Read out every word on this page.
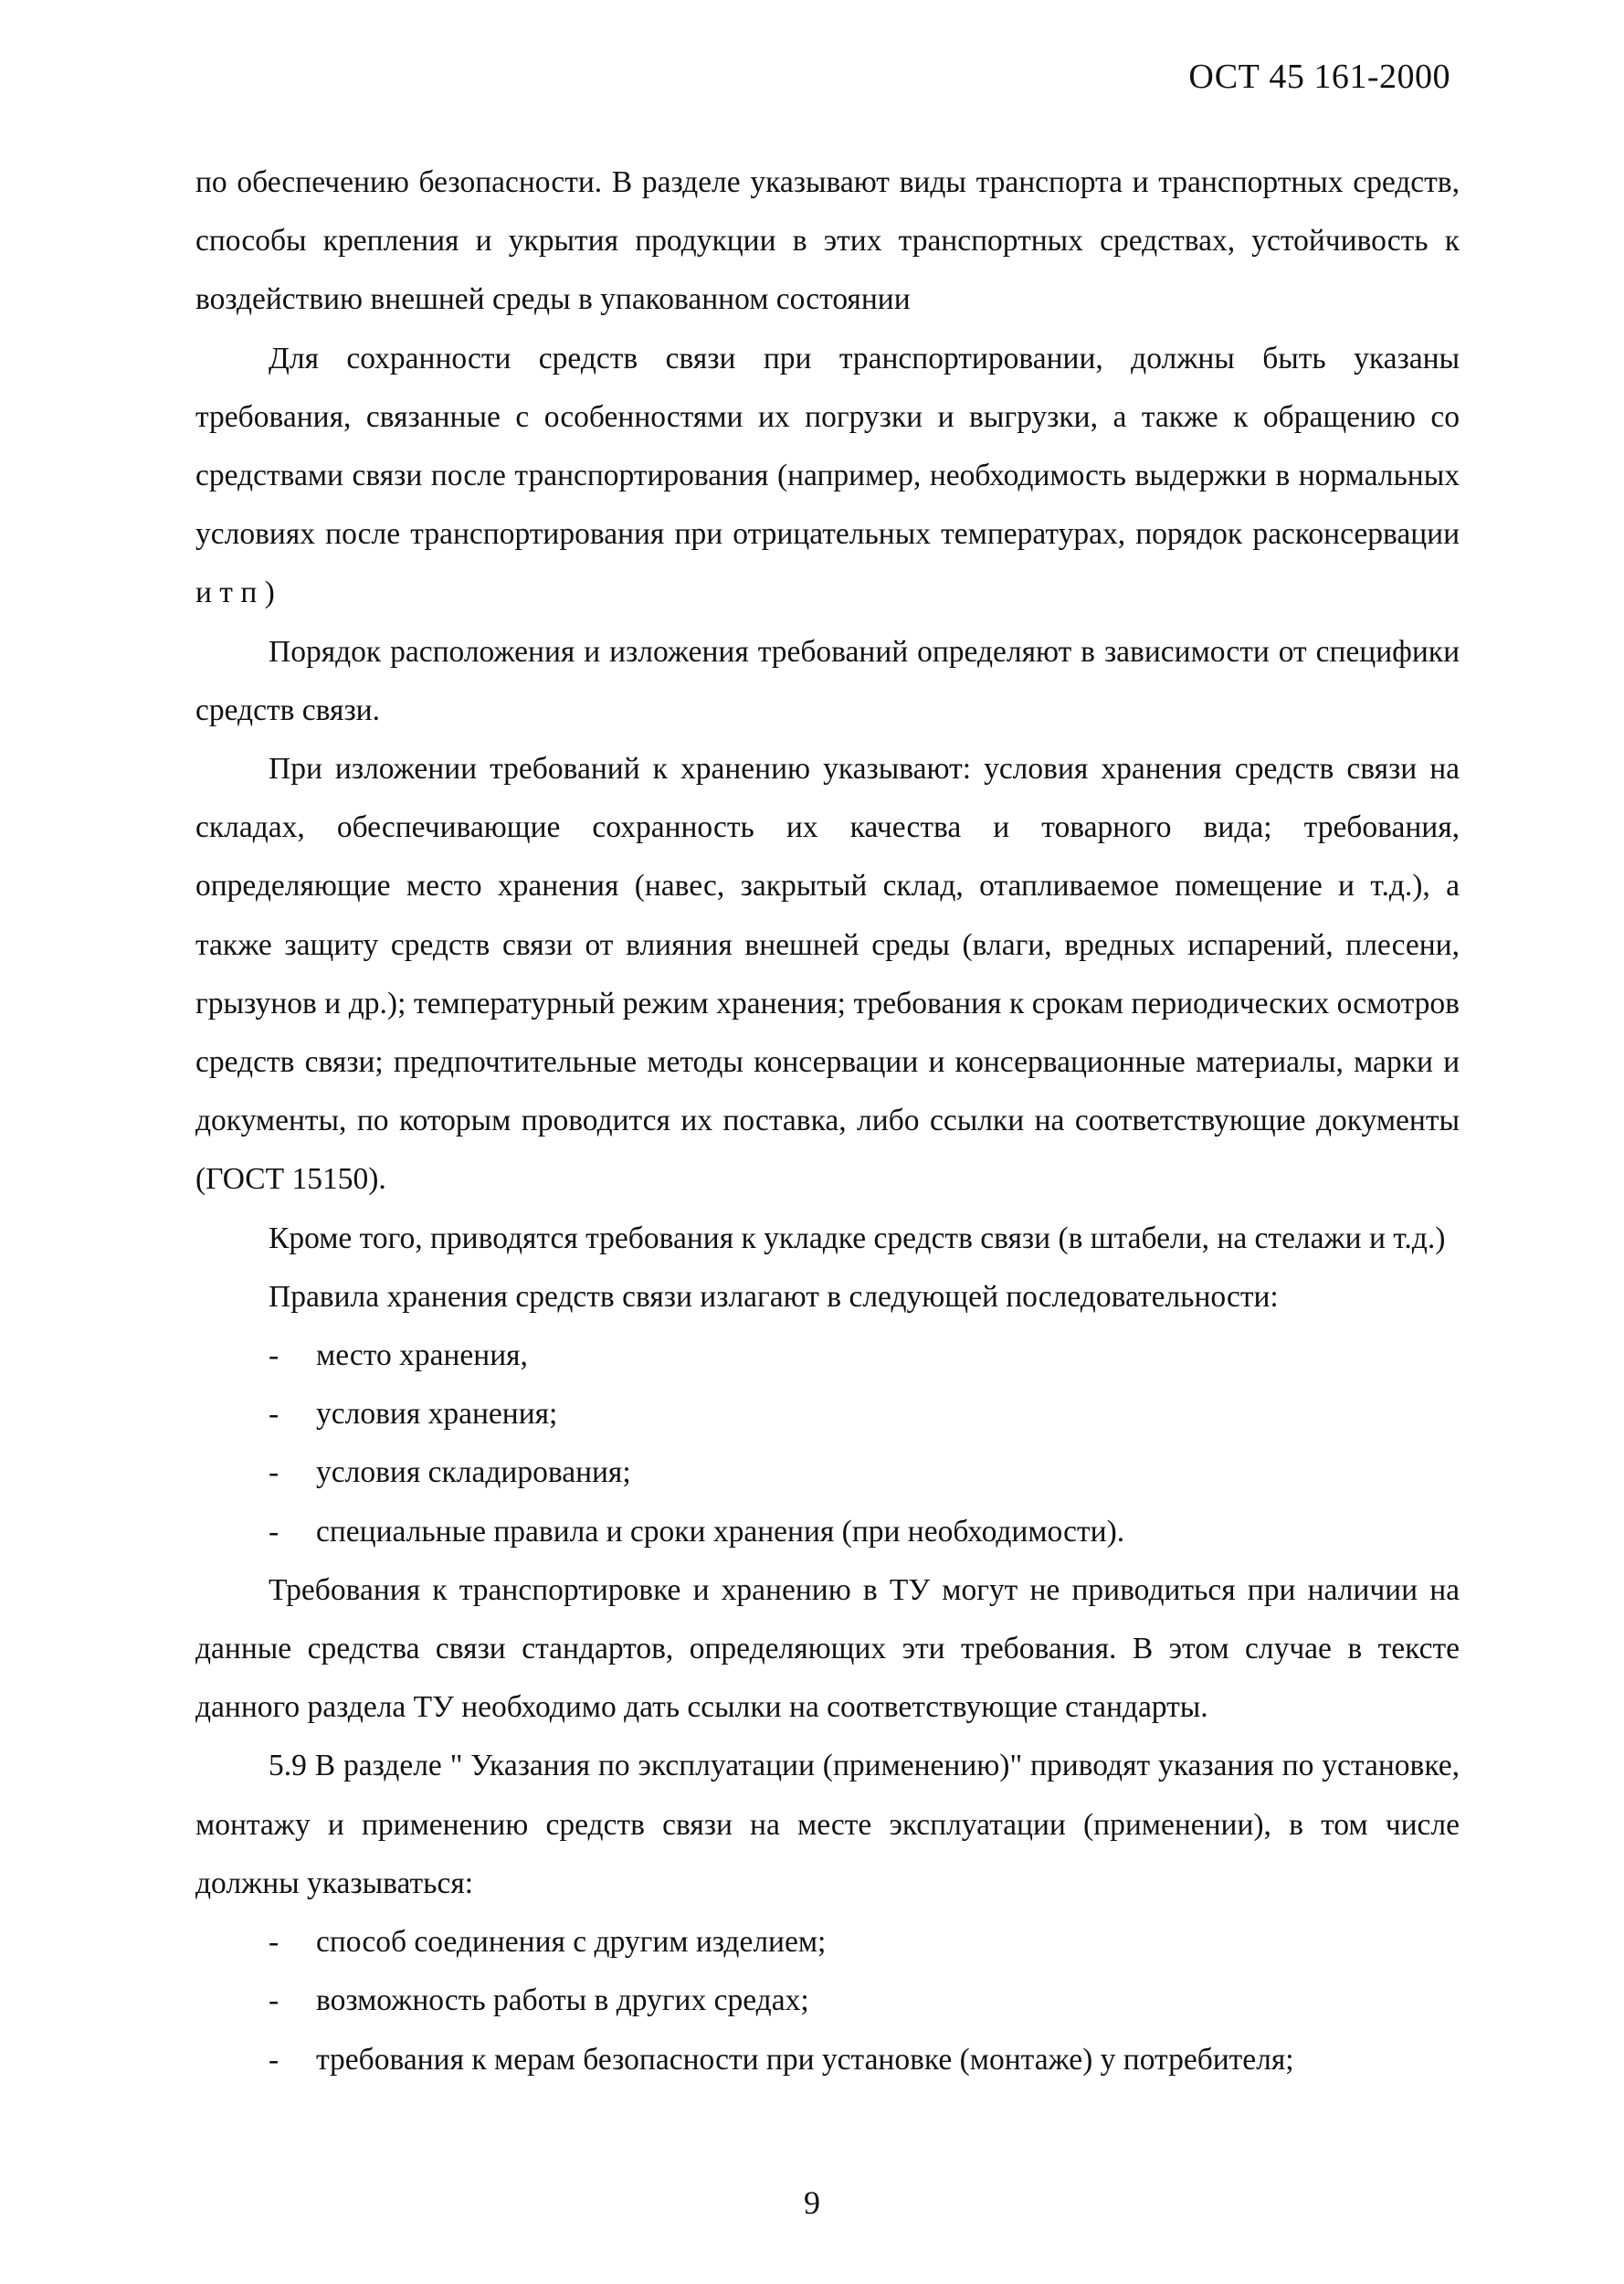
ОСТ 45 161-2000

по обеспечению безопасности. В разделе указывают виды транспорта и транспортных средств, способы крепления и укрытия продукции в этих транспортных средствах, устойчивость к воздействию внешней среды в упакованном состоянии

Для сохранности средств связи при транспортировании, должны быть указаны требования, связанные с особенностями их погрузки и выгрузки, а также к обращению со средствами связи после транспортирования (например, необходимость выдержки в нормальных условиях после транспортирования при отрицательных температурах, порядок расконсервации и т п )

Порядок расположения и изложения требований определяют в зависимости от специфики средств связи.

При изложении требований к хранению указывают: условия хранения средств связи на складах, обеспечивающие сохранность их качества и товарного вида; требования, определяющие место хранения (навес, закрытый склад, отапливаемое помещение и т.д.), а также защиту средств связи от влияния внешней среды (влаги, вредных испарений, плесени, грызунов и др.); температурный режим хранения; требования к срокам периодических осмотров средств связи; предпочтительные методы консервации и консервационные материалы, марки и документы, по которым проводится их поставка, либо ссылки на соответствующие документы (ГОСТ 15150).

Кроме того, приводятся требования к укладке средств связи (в штабели, на стелажи и т.д.)

Правила хранения средств связи излагают в следующей последовательности:

- место хранения,
- условия хранения;
- условия складирования;
- специальные правила и сроки хранения (при необходимости).

Требования к транспортировке и хранению в ТУ могут не приводиться при наличии на данные средства связи стандартов, определяющих эти требования. В этом случае в тексте данного раздела ТУ необходимо дать ссылки на соответствующие стандарты.

5.9 В разделе " Указания по эксплуатации (применению)" приводят указания по установке, монтажу и применению средств связи на месте эксплуатации (применении), в том числе должны указываться:

- способ соединения с другим изделием;
- возможность работы в других средах;
- требования к мерам безопасности при установке (монтаже) у потребителя;
9
